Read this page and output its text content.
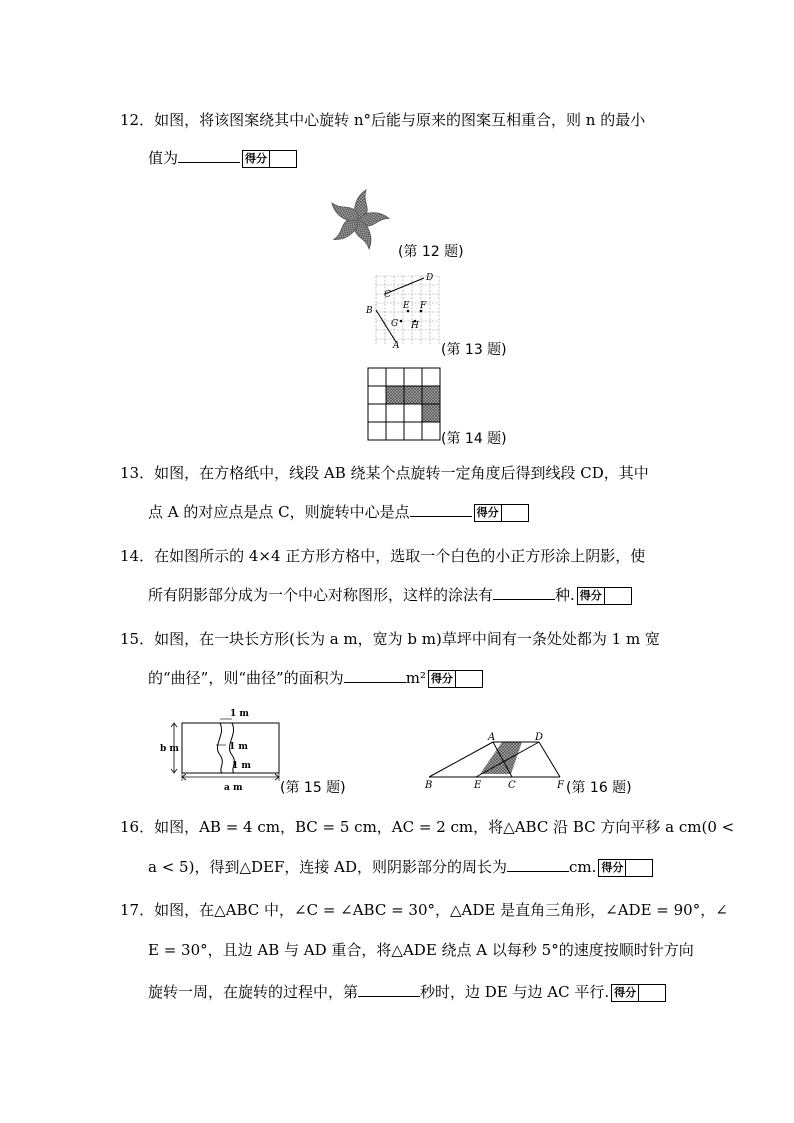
12．如图，将该图案绕其中心旋转 n°后能与原来的图案互相重合，则 n 的最小
值为	得分
(第 12 题)
D
C
E F
B
G H
A	(第 13 题)
(第 14 题)
13．如图，在方格纸中，线段 AB 绕某个点旋转一定角度后得到线段 CD，其中
点 A 的对应点是点 C，则旋转中心是点	得分
14．在如图所示的 4×4 正方形方格中，选取一个白色的小正方形涂上阴影，使
所有阴影部分成为一个中心对称图形，这样的涂法有	种. 得分
15．如图，在一块长方形(长为 a m，宽为 b m)草坪中间有一条处处都为 1 m 宽
的“曲径”，则“曲径”的面积为	m² 得分
1 m
1 m
1 m
b m
a m	(第 15 题)
A	D
B	E	C	F (第 16 题)
16．如图，AB = 4 cm，BC = 5 cm，AC = 2 cm，将△ABC 沿 BC 方向平移 a cm(0 <
a < 5)，得到△DEF，连接 AD，则阴影部分的周长为	cm. 得分
17．如图，在△ABC 中，∠C = ∠ABC = 30°，△ADE 是直角三角形，∠ADE = 90°，∠
E = 30°，且边 AB 与 AD 重合，将△ADE 绕点 A 以每秒 5°的速度按顺时针方向
旋转一周，在旋转的过程中，第	秒时，边 DE 与边 AC 平行. 得分
